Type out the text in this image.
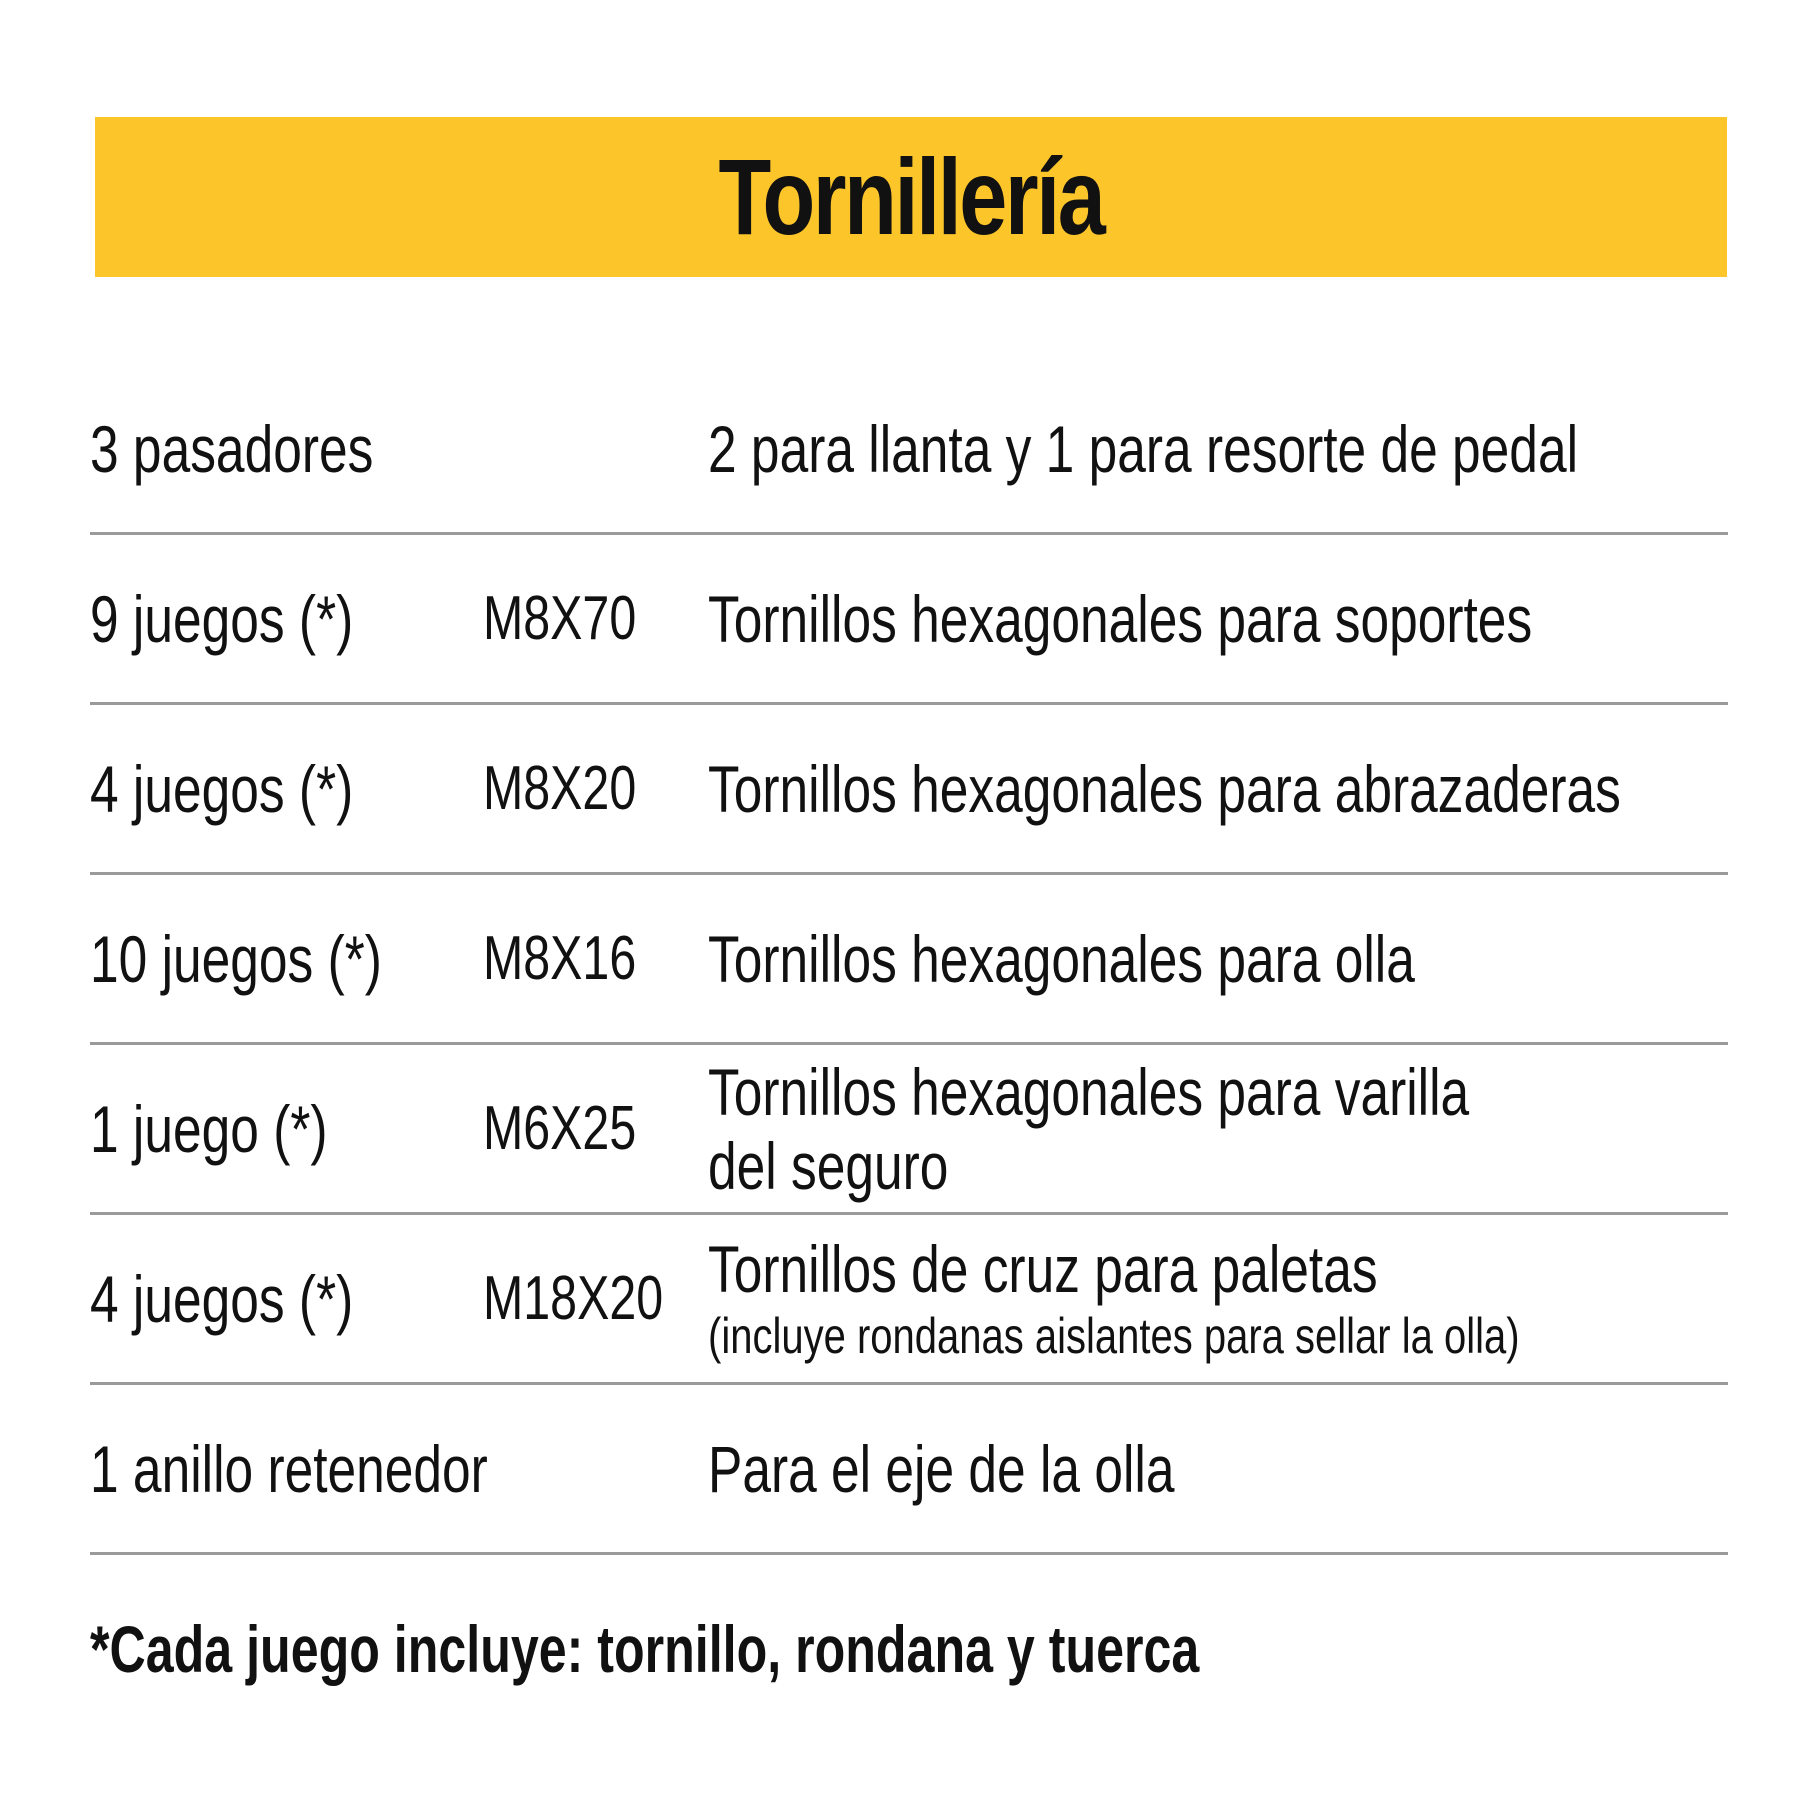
Tornillería
3 pasadores	2 para llanta y 1 para resorte de pedal
9 juegos (*) M8X70 Tornillos hexagonales para soportes
4 juegos (*) M8X20 Tornillos hexagonales para abrazaderas
10 juegos (*) M8X16 Tornillos hexagonales para olla
1 juego (*)	M6X25 Tornillos hexagonales para varilla
del seguro
4 juegos (*) M18X20 Tornillos de cruz para paletas
(incluye rondanas aislantes para sellar la olla)
1 anillo retenedor	Para el eje de la olla
*Cada juego incluye: tornillo, rondana y tuerca
